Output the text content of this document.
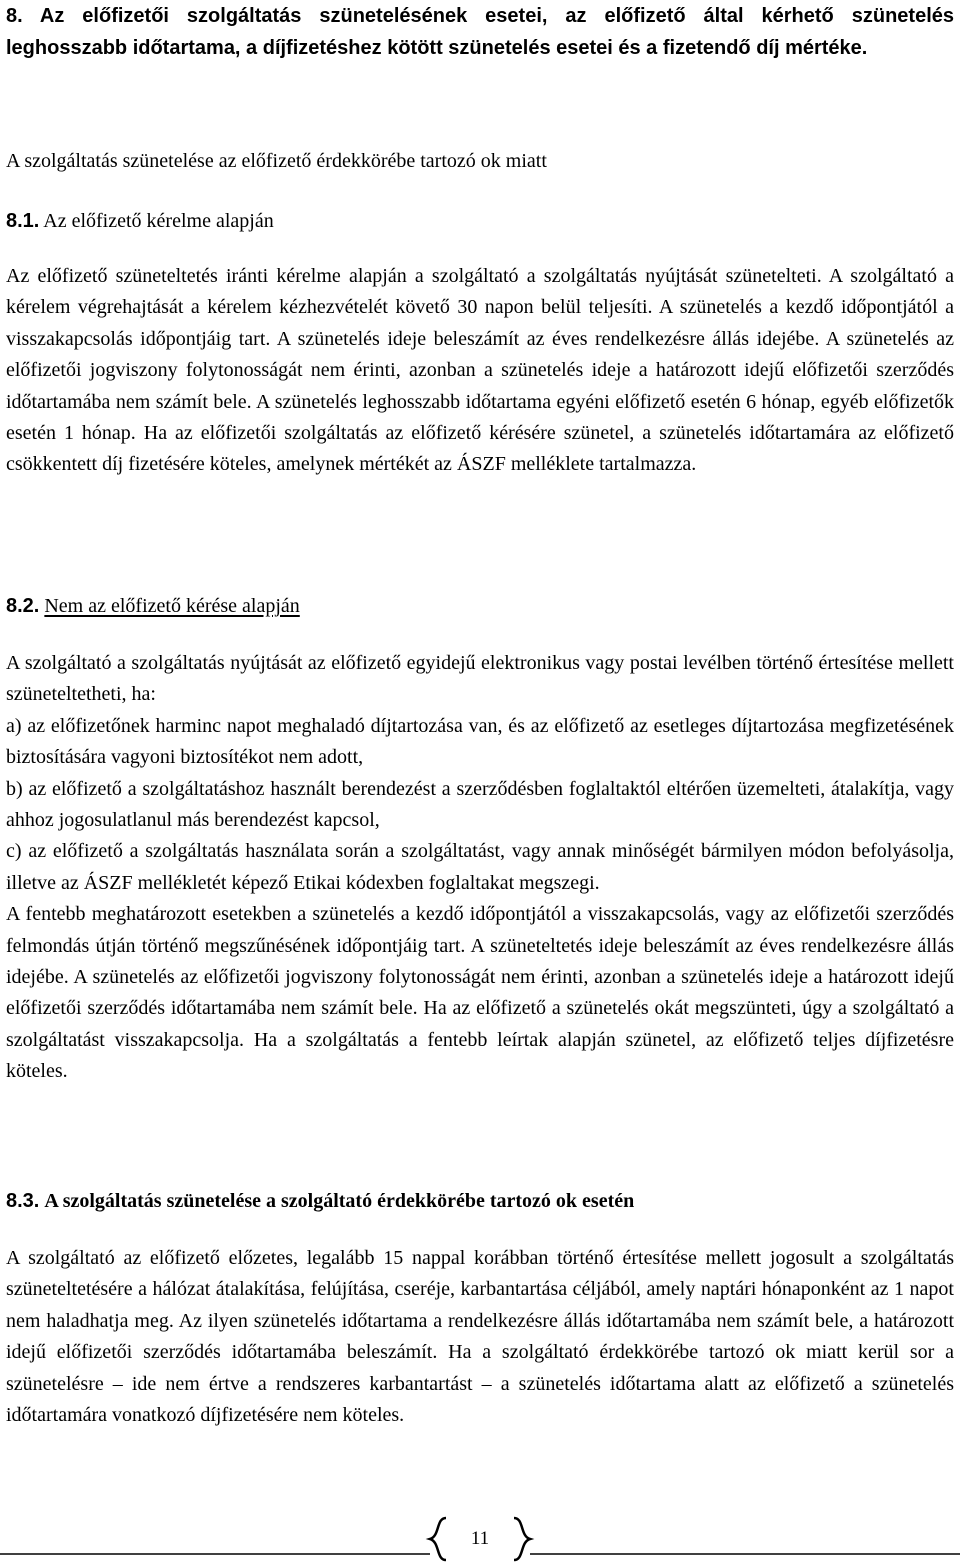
8. Az előfizetői szolgáltatás szünetelésének esetei, az előfizető által kérhető szünetelés leghosszabb időtartama, a díjfizetéshez kötött szünetelés esetei és a fizetendő díj mértéke.

A szolgáltatás szünetelése az előfizető érdekkörébe tartozó ok miatt

8.1. Az előfizető kérelme alapján

Az előfizető szüneteltetés iránti kérelme alapján a szolgáltató a szolgáltatás nyújtását szünetelteti. A szolgáltató a kérelem végrehajtását a kérelem kézhezvételét követő 30 napon belül teljesíti. A szünetelés a kezdő időpontjától a visszakapcsolás időpontjáig tart. A szünetelés ideje beleszámít az éves rendelkezésre állás idejébe. A szünetelés az előfizetői jogviszony folytonosságát nem érinti, azonban a szünetelés ideje a határozott idejű előfizetői szerződés időtartamába nem számít bele. A szünetelés leghosszabb időtartama egyéni előfizető esetén 6 hónap, egyéb előfizetők esetén 1 hónap. Ha az előfizetői szolgáltatás az előfizető kérésére szünetel, a szünetelés időtartamára az előfizető csökkentett díj fizetésére köteles, amelynek mértékét az ÁSZF melléklete tartalmazza.

8.2. Nem az előfizető kérése alapján

A szolgáltató a szolgáltatás nyújtását az előfizető egyidejű elektronikus vagy postai levélben történő értesítése mellett szüneteltetheti, ha:

a) az előfizetőnek harminc napot meghaladó díjtartozása van, és az előfizető az esetleges díjtartozása megfizetésének biztosítására vagyoni biztosítékot nem adott,

b) az előfizető a szolgáltatáshoz használt berendezést a szerződésben foglaltaktól eltérően üzemelteti, átalakítja, vagy ahhoz jogosulatlanul más berendezést kapcsol,

c) az előfizető a szolgáltatás használata során a szolgáltatást, vagy annak minőségét bármilyen módon befolyásolja, illetve az ÁSZF mellékletét képező Etikai kódexben foglaltakat megszegi.

A fentebb meghatározott esetekben a szünetelés a kezdő időpontjától a visszakapcsolás, vagy az előfizetői szerződés felmondás útján történő megszűnésének időpontjáig tart. A szüneteltetés ideje beleszámít az éves rendelkezésre állás idejébe. A szünetelés az előfizetői jogviszony folytonosságát nem érinti, azonban a szünetelés ideje a határozott idejű előfizetői szerződés időtartamába nem számít bele. Ha az előfizető a szünetelés okát megszünteti, úgy a szolgáltató a szolgáltatást visszakapcsolja. Ha a szolgáltatás a fentebb leírtak alapján szünetel, az előfizető teljes díjfizetésre köteles.

8.3. A szolgáltatás szünetelése a szolgáltató érdekkörébe tartozó ok esetén

A szolgáltató az előfizető előzetes, legalább 15 nappal korábban történő értesítése mellett jogosult a szolgáltatás szüneteltetésére a hálózat átalakítása, felújítása, cseréje, karbantartása céljából, amely naptári hónaponként az 1 napot nem haladhatja meg. Az ilyen szünetelés időtartama a rendelkezésre állás időtartamába nem számít bele, a határozott idejű előfizetői szerződés időtartamába beleszámít. Ha a szolgáltató érdekkörébe tartozó ok miatt kerül sor a szünetelésre – ide nem értve a rendszeres karbantartást – a szünetelés időtartama alatt az előfizető a szünetelés időtartamára vonatkozó díjfizetésére nem köteles.

11
